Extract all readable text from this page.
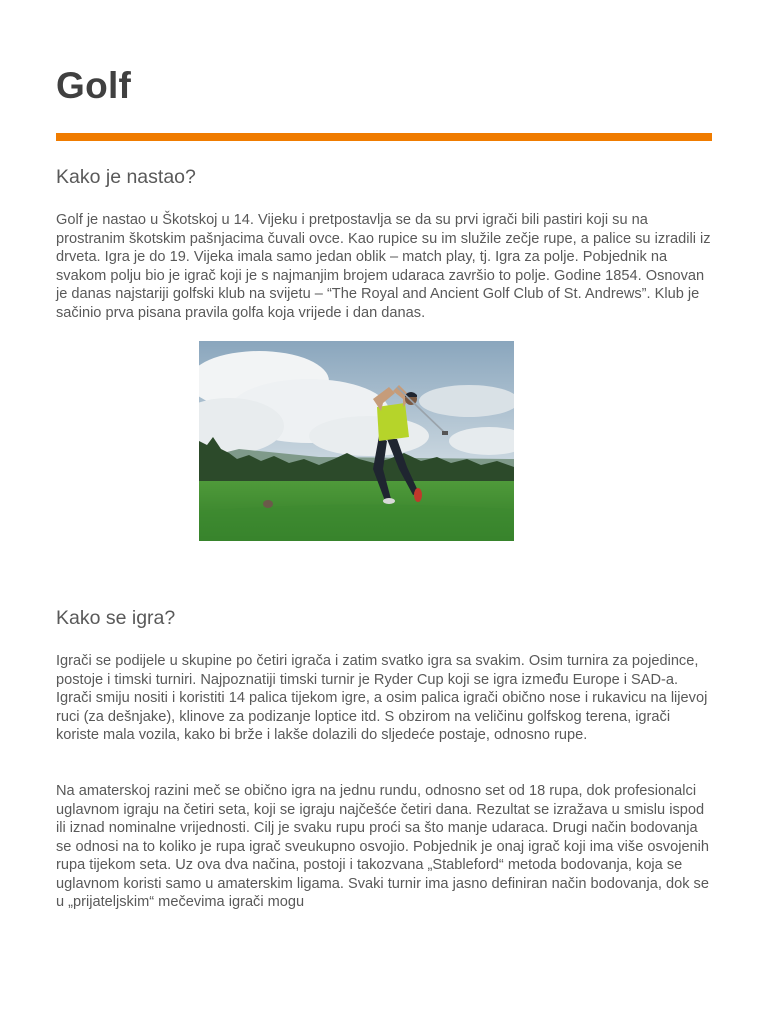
Golf
Kako je nastao?

Golf je nastao u Škotskoj u 14. Vijeku i pretpostavlja se da su prvi igrači bili pastiri koji su na prostranim škotskim pašnjacima čuvali ovce. Kao rupice su im služile zečje rupe, a palice su izradili iz drveta. Igra je do 19. Vijeka imala samo jedan oblik – match play, tj. Igra za polje. Pobjednik na svakom polju bio je igrač koji je s najmanjim brojem udaraca završio to polje. Godine 1854. Osnovan je danas najstariji golfski klub na svijetu – “The Royal and Ancient Golf Club of St. Andrews”. Klub je sačinio prva pisana pravila golfa koja vrijede i dan danas.

Kako se igra?

Igrači se podijele u skupine po četiri igrača i zatim svatko igra sa svakim. Osim turnira za pojedince, postoje i timski turniri. Najpoznatiji timski turnir je Ryder Cup koji se igra između Europe i SAD-a. Igrači smiju nositi i koristiti 14 palica tijekom igre, a osim palica igrači obično nose i rukavicu na lijevoj ruci (za dešnjake), klinove za podizanje loptice itd. S obzirom na veličinu golfskog terena, igrači koriste mala vozila, kako bi brže i lakše dolazili do sljedeće postaje, odnosno rupe.

Na amaterskoj razini meč se obično igra na jednu rundu, odnosno set od 18 rupa, dok profesionalci uglavnom igraju na četiri seta, koji se igraju najčešće četiri dana. Rezultat se izražava u smislu ispod ili iznad nominalne vrijednosti. Cilj je svaku rupu proći sa što manje udaraca. Drugi način bodovanja se odnosi na to koliko je rupa igrač sveukupno osvojio. Pobjednik je onaj igrač koji ima više osvojenih rupa tijekom seta. Uz ova dva načina, postoji i takozvana „Stableford“ metoda bodovanja, koja se uglavnom koristi samo u amaterskim ligama. Svaki turnir ima jasno definiran način bodovanja, dok se u „prijateljskim“ mečevima igrači mogu
